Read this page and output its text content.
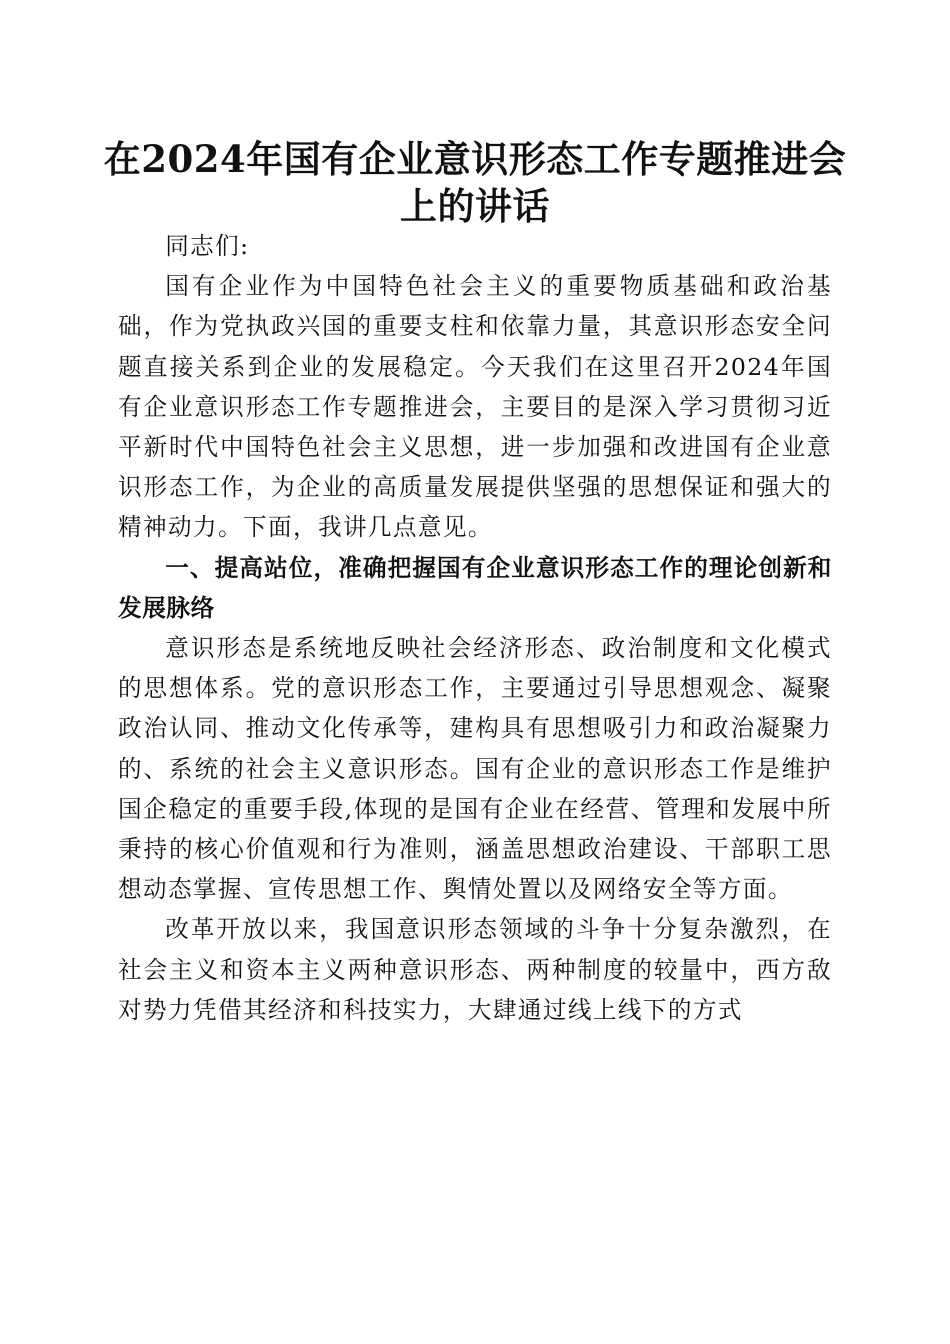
在2024年国有企业意识形态工作专题推进会上的讲话

同志们:

国有企业作为中国特色社会主义的重要物质基础和政治基础，作为党执政兴国的重要支柱和依靠力量，其意识形态安全问题直接关系到企业的发展稳定。今天我们在这里召开2024年国有企业意识形态工作专题推进会，主要目的是深入学习贯彻习近平新时代中国特色社会主义思想，进一步加强和改进国有企业意识形态工作，为企业的高质量发展提供坚强的思想保证和强大的精神动力。下面，我讲几点意见。

一、提高站位，准确把握国有企业意识形态工作的理论创新和发展脉络

意识形态是系统地反映社会经济形态、政治制度和文化模式的思想体系。党的意识形态工作，主要通过引导思想观念、凝聚政治认同、推动文化传承等，建构具有思想吸引力和政治凝聚力的、系统的社会主义意识形态。国有企业的意识形态工作是维护国企稳定的重要手段,体现的是国有企业在经营、管理和发展中所秉持的核心价值观和行为准则，涵盖思想政治建设、干部职工思想动态掌握、宣传思想工作、舆情处置以及网络安全等方面。

改革开放以来，我国意识形态领域的斗争十分复杂激烈，在社会主义和资本主义两种意识形态、两种制度的较量中，西方敌对势力凭借其经济和科技实力，大肆通过线上线下的方式
